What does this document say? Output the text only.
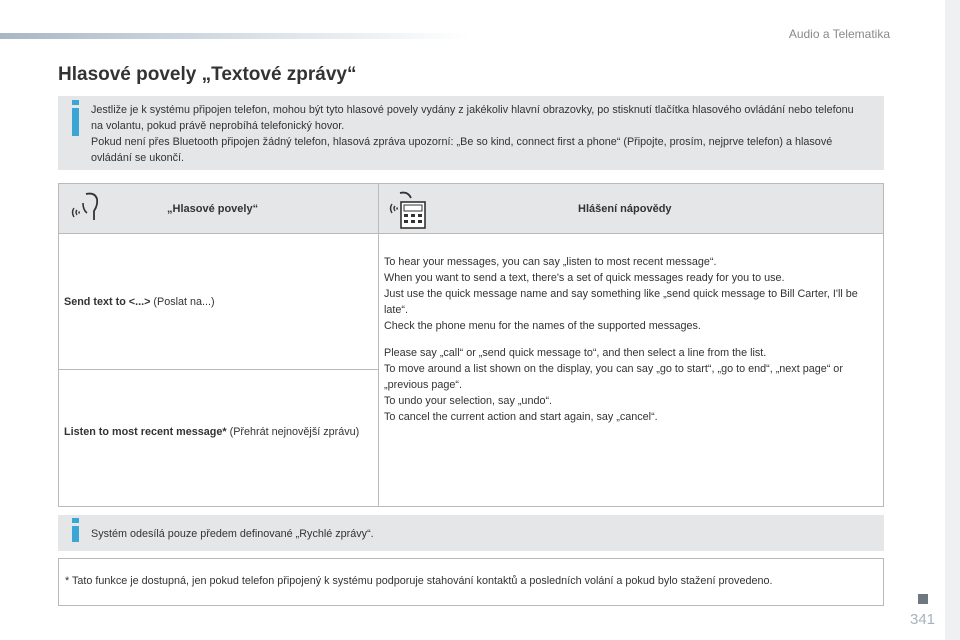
Audio a Telematika
Hlasové povely „Textové zprávy“

Jestliže je k systému připojen telefon, mohou být tyto hlasové povely vydány z jakékoliv hlavní obrazovky, po stisknutí tlačítka hlasového ovládání nebo telefonu na volantu, pokud právě neprobíhá telefonický hovor.

Pokud není přes Bluetooth připojen žádný telefon, hlasová zpráva upozorní: „Be so kind, connect first a phone“ (Připojte, prosím, nejprve telefon) a hlasové ovládání se ukončí.

„Hlasové povely“	Hlášení nápovědy
Send text to <...> (Poslat na...)
Listen to most recent message* (Přehrát nejnovější zprávu)

To hear your messages, you can say „listen to most recent message“.
When you want to send a text, there's a set of quick messages ready for you to use.
Just use the quick message name and say something like „send quick message to Bill Carter, I'll be late“.
Check the phone menu for the names of the supported messages.

Please say „call“ or „send quick message to“, and then select a line from the list.
To move around a list shown on the display, you can say „go to start“, „go to end“, „next page“ or „previous page“.
To undo your selection, say „undo“.
To cancel the current action and start again, say „cancel“.

Systém odesílá pouze předem definované „Rychlé zprávy“.
* Tato funkce je dostupná, jen pokud telefon připojený k systému podporuje stahování kontaktů a posledních volání a pokud bylo stažení provedeno.
341
